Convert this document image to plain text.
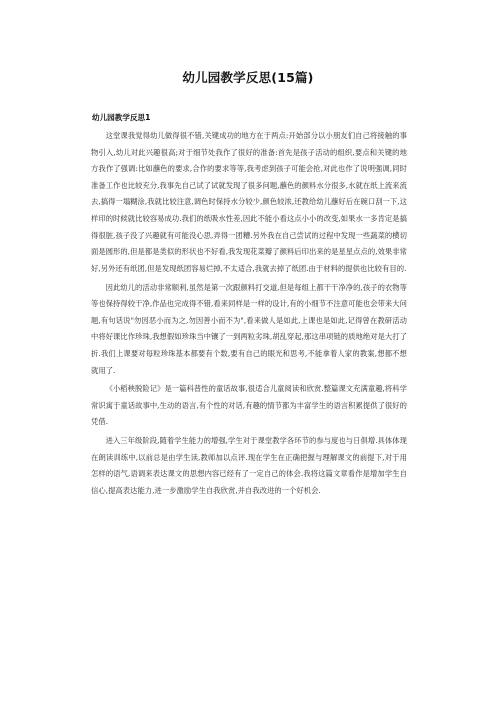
幼儿园教学反思(15篇)
幼儿园教学反思1

这堂课我觉得幼儿做得很不错,关键成功的地方在于两点:开始部分以小朋友们自己将接触的事物引入,幼儿对此兴趣很高;对于细节处我作了很好的准备:首先是孩子活动的组织,要点和关键的地方我作了强调:比如蘸色的要求,合作的要求等等,我考虑到孩子可能会抢,对此也作了说明强调,同时准备工作也比较充分,我事先自己试了试就发现了很多问题,蘸色的颜料水分很多,水就在纸上流来流去,搞得一塌糊涂,我就比较注意,调色时保持水分较少,颜色较浓,还教给幼儿蘸好后在碗口刮一下,这样印的时候就比较容易成功.我们的纸吸水性差,因此不能小看这点小小的改变,如果水一多肯定是搞得很脏,孩子没了兴趣就有可能没心思,弄得一团糟.另外我在自己尝试的过程中发现一些蔬菜的横切面是圆形的,但是都是类似的形状也不好看,我发现花菜瓣了颜料后印出来的是星星点点的,效果非常好,另外还有纸团,但是发现纸团容易烂掉,不太适合,我就去掉了纸团.由于材料的提供也比较有目的.

因此幼儿的活动非常顺利,虽然是第一次跟颜料打交道,但是每组上都干干净净的,孩子的衣物等等也保持得较干净,作品也完成得不错,看来同样是一样的设计,有的小细节不注意可能也会带来大问题,有句话说"勿因恶小而为之,勿因善小而不为",看来做人是如此,上课也是如此,记得曾在教研活动中将好课比作珍珠,我想假如珍珠当中镶了一到两粒劣珠,胡乱穿起,那这串项链的质地绝对是大打了折.我们上课要对每粒珍珠基本都要有个数,要有自己的眼光和思考,不能拿着人家的教案,想都不想就用了.

《小稻秧脱险记》是一篇科普性的童话故事,很适合儿童阅读和欣赏.整篇课文充满童趣,将科学常识寓于童话故事中,生动的语言,有个性的对话,有趣的情节都为丰富学生的语言积累提供了很好的凭借.

进入三年级阶段,随着学生能力的增强,学生对于课堂教学各环节的参与度也与日俱增.具体体现在朗读训练中,以前总是由学生读,教师加以点评.现在学生在正确把握与理解课文的前提下,对于用怎样的语气,语调来表达课文的思想内容已经有了一定自己的体会.我将这篇文章看作是增加学生自信心,提高表达能力,进一步激励学生自我欣赏,并自我改进的一个好机会.
